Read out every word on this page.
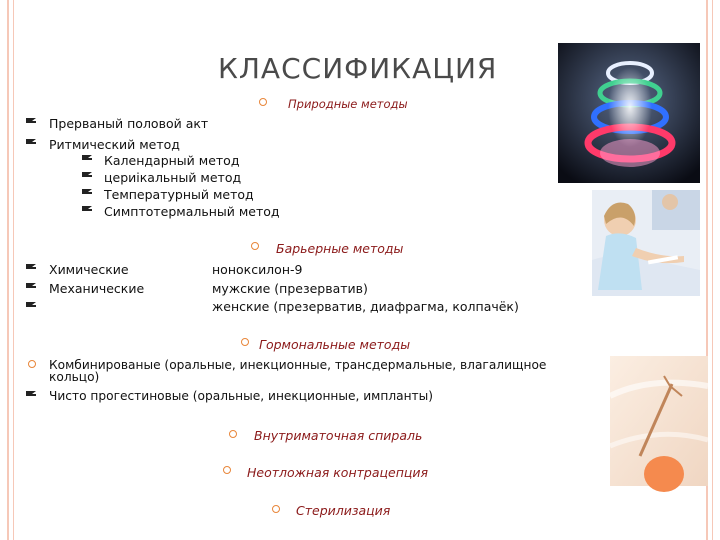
КЛАССИФИКАЦИЯ
Природные методы
Прерваный половой акт
Ритмический метод
Календарный метод
цериікальный метод
Температурный метод
Симптотермальный метод
Барьерные методы
Химические	ноноксилон-9
Механические	мужские (презерватив)
женские (презерватив, диафрагма, колпачёк)
Гормональные методы
Комбинированые (оральные, инекционные, трансдермальные, влагалищное
кольцо)
Чисто прогестиновые (оральные, инекционные, импланты)
Внутриматочная спираль
Неотложная контрацепция
Стерилизация
